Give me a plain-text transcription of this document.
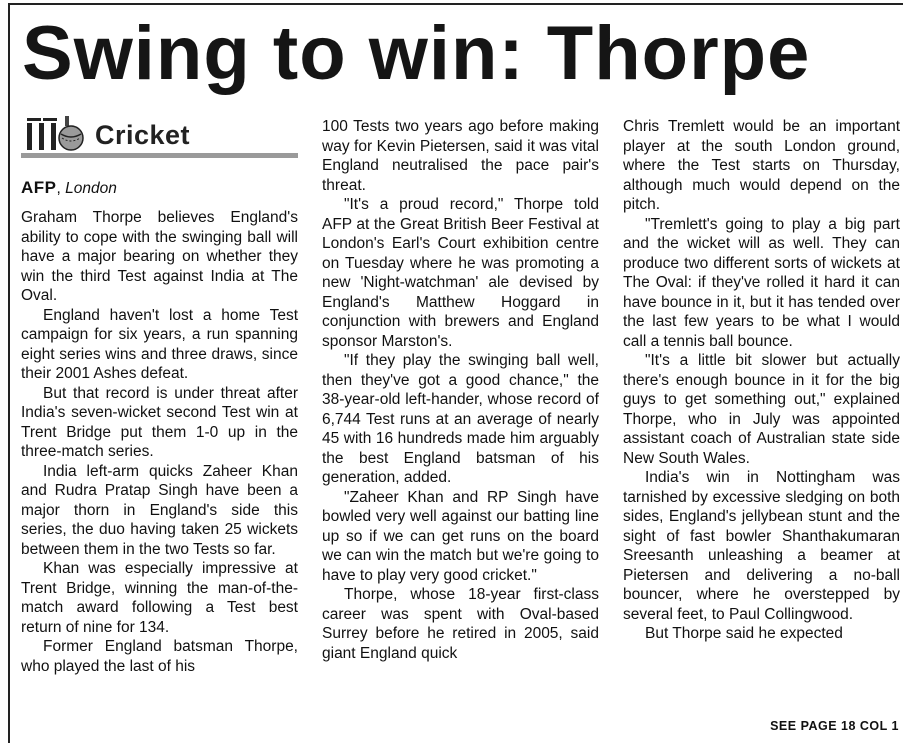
Swing to win: Thorpe
Cricket
AFP, London

Graham Thorpe believes England's ability to cope with the swinging ball will have a major bearing on whether they win the third Test against India at The Oval.

England haven't lost a home Test campaign for six years, a run spanning eight series wins and three draws, since their 2001 Ashes defeat.

But that record is under threat after India's seven-wicket second Test win at Trent Bridge put them 1-0 up in the three-match series.

India left-arm quicks Zaheer Khan and Rudra Pratap Singh have been a major thorn in England's side this series, the duo having taken 25 wickets between them in the two Tests so far.

Khan was especially impressive at Trent Bridge, winning the man-of-the-match award following a Test best return of nine for 134.

Former England batsman Thorpe, who played the last of his

100 Tests two years ago before making way for Kevin Pietersen, said it was vital England neutralised the pace pair's threat.

"It's a proud record," Thorpe told AFP at the Great British Beer Festival at London's Earl's Court exhibition centre on Tuesday where he was promoting a new 'Night-watchman' ale devised by England's Matthew Hoggard in conjunction with brewers and England sponsor Marston's.

"If they play the swinging ball well, then they've got a good chance," the 38-year-old left-hander, whose record of 6,744 Test runs at an average of nearly 45 with 16 hundreds made him arguably the best England batsman of his generation, added.

"Zaheer Khan and RP Singh have bowled very well against our batting line up so if we can get runs on the board we can win the match but we're going to have to play very good cricket."

Thorpe, whose 18-year first-class career was spent with Oval-based Surrey before he retired in 2005, said giant England quick

Chris Tremlett would be an important player at the south London ground, where the Test starts on Thursday, although much would depend on the pitch.

"Tremlett's going to play a big part and the wicket will as well. They can produce two different sorts of wickets at The Oval: if they've rolled it hard it can have bounce in it, but it has tended over the last few years to be what I would call a tennis ball bounce.

"It's a little bit slower but actually there's enough bounce in it for the big guys to get something out," explained Thorpe, who in July was appointed assistant coach of Australian state side New South Wales.

India's win in Nottingham was tarnished by excessive sledging on both sides, England's jellybean stunt and the sight of fast bowler Shanthakumaran Sreesanth unleashing a beamer at Pietersen and delivering a no-ball bouncer, where he overstepped by several feet, to Paul Collingwood.

But Thorpe said he expected

SEE PAGE 18 COL 1
